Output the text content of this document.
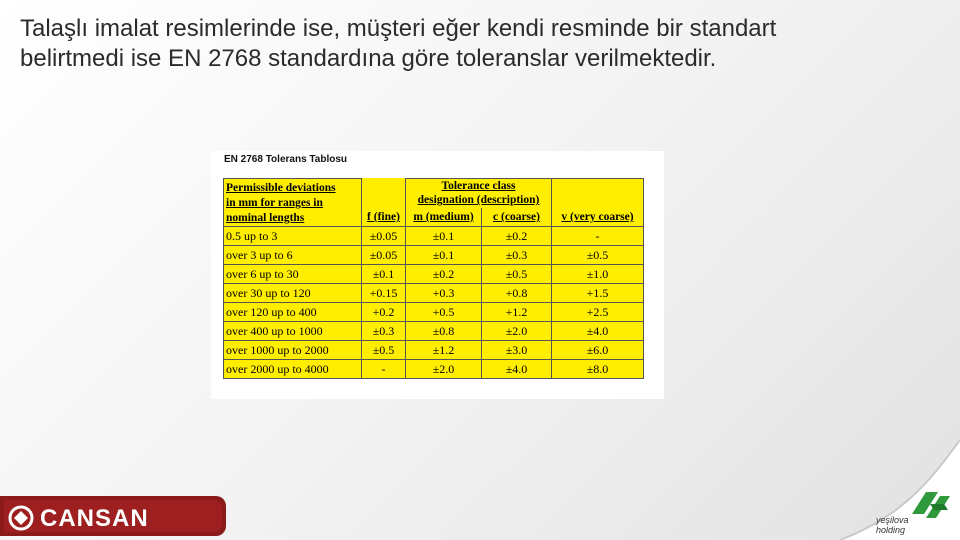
Talaşlı imalat resimlerinde ise, müşteri eğer kendi resminde bir standart
belirtmedi ise EN 2768 standardına göre toleranslar verilmektedir.

EN 2768 Tolerans Tablosu
Permissible deviations
in mm for ranges in
nominal lengths		Tolerance class
designation (description)		

	f (fine)	m (medium)	c (coarse)	v (very coarse)
0.5 up to 3	±0.05	±0.1	±0.2	-
over 3 up to 6	±0.05	±0.1	±0.3	±0.5
over 6 up to 30	±0.1	±0.2	±0.5	±1.0
over 30 up to 120	+0.15	+0.3	+0.8	+1.5
over 120 up to 400	+0.2	+0.5	+1.2	+2.5
over 400 up to 1000	±0.3	±0.8	±2.0	±4.0
over 1000 up to 2000	±0.5	±1.2	±3.0	±6.0
over 2000 up to 4000	-	±2.0	±4.0	±8.0
CANSAN	yeşilova
holding
